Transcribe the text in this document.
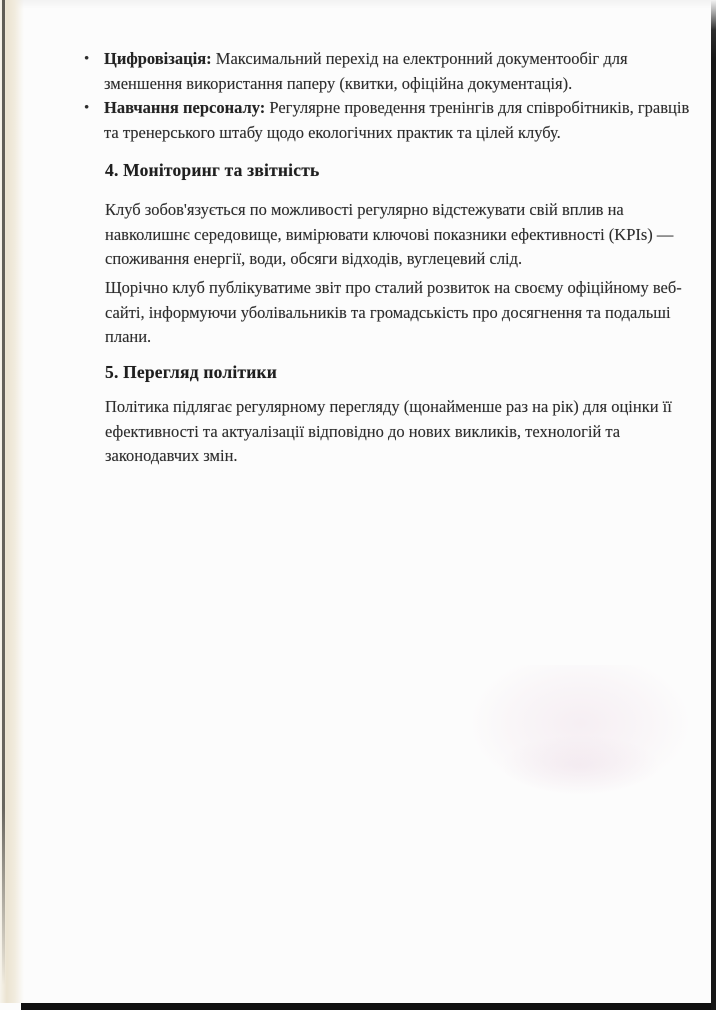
• Цифровізація: Максимальний перехід на електронний документообіг для зменшення використання паперу (квитки, офіційна документація).

• Навчання персоналу: Регулярне проведення тренінгів для співробітників, гравців та тренерського штабу щодо екологічних практик та цілей клубу.

4. Моніторинг та звітність

Клуб зобов'язується по можливості регулярно відстежувати свій вплив на навколишнє середовище, вимірювати ключові показники ефективності (KPIs) — споживання енергії, води, обсяги відходів, вуглецевий слід.

Щорічно клуб публікуватиме звіт про сталий розвиток на своєму офіційному веб-сайті, інформуючи уболівальників та громадськість про досягнення та подальші плани.

5. Перегляд політики

Політика підлягає регулярному перегляду (щонайменше раз на рік) для оцінки її ефективності та актуалізації відповідно до нових викликів, технологій та законодавчих змін.
